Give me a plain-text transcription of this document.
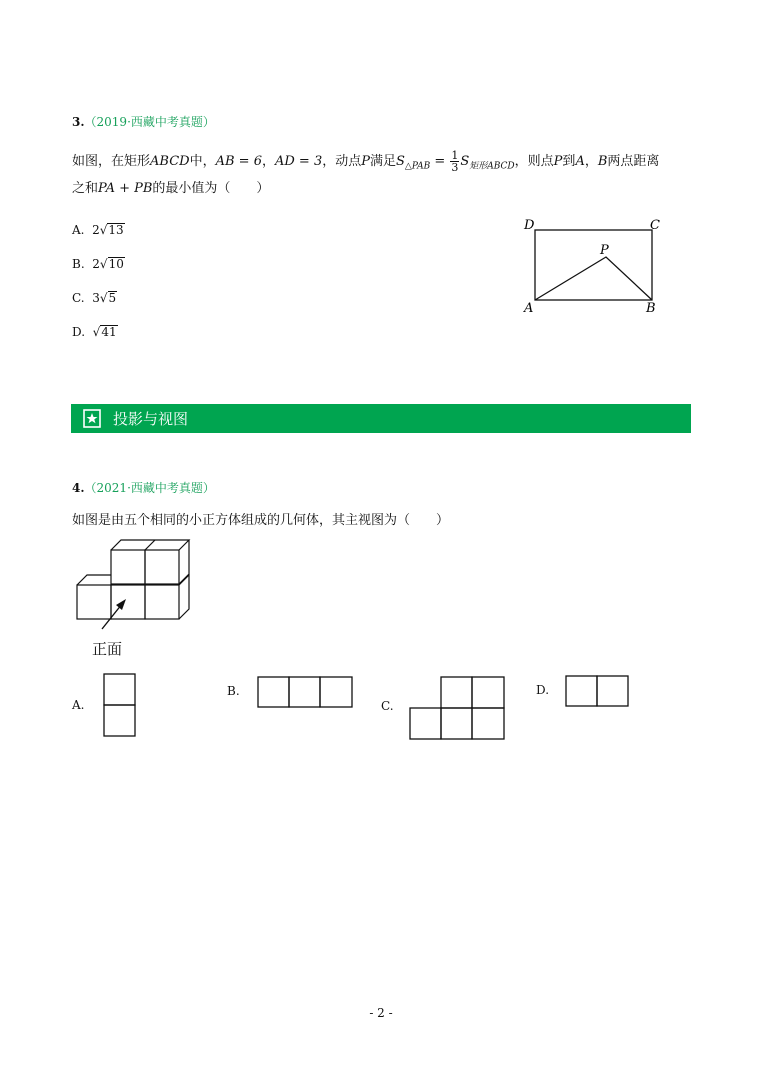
3.（2019·西藏中考真题）
如图，在矩形ABCD中，AB = 6，AD = 3，动点P满足$S_{\triangle PAB} = \frac{1}{3} S_{矩形ABCD}$，则点P到A，B两点距离
之和PA + PB的最小值为（　　）
A. 2√13
B. 2√10
C. 3√5
D. √41
D	C
P
A	B
投影与视图
4.（2021·西藏中考真题）
如图是由五个相同的小正方体组成的几何体，其主视图为（　　）
正面
A.
B.
C.
D.
- 2 -
